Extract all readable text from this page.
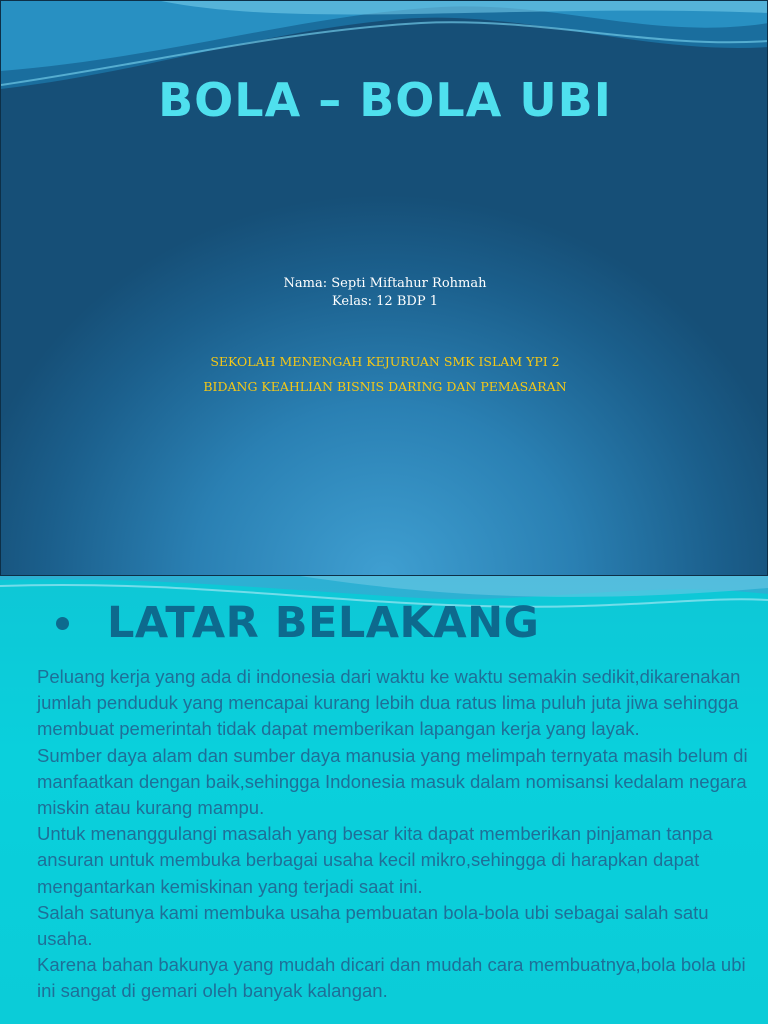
BOLA – BOLA UBI
Nama: Septi Miftahur Rohmah
Kelas: 12 BDP 1
SEKOLAH MENENGAH KEJURUAN SMK ISLAM YPI 2
BIDANG KEAHLIAN BISNIS DARING DAN PEMASARAN
LATAR BELAKANG

Peluang kerja yang ada di indonesia dari waktu ke waktu semakin sedikit,dikarenakan jumlah penduduk yang mencapai kurang lebih dua ratus lima puluh juta jiwa sehingga membuat pemerintah tidak dapat memberikan lapangan kerja yang layak.

Sumber daya alam dan sumber daya manusia yang melimpah ternyata masih belum di manfaatkan dengan baik,sehingga Indonesia masuk dalam nomisansi kedalam negara miskin atau kurang mampu.

Untuk menanggulangi masalah yang besar kita dapat memberikan pinjaman tanpa ansuran untuk membuka berbagai usaha kecil mikro,sehingga di harapkan dapat mengantarkan kemiskinan yang terjadi saat ini.

Salah satunya kami membuka usaha pembuatan bola-bola ubi sebagai salah satu usaha.

Karena bahan bakunya yang mudah dicari dan mudah cara membuatnya,bola bola ubi ini sangat di gemari oleh banyak kalangan.
